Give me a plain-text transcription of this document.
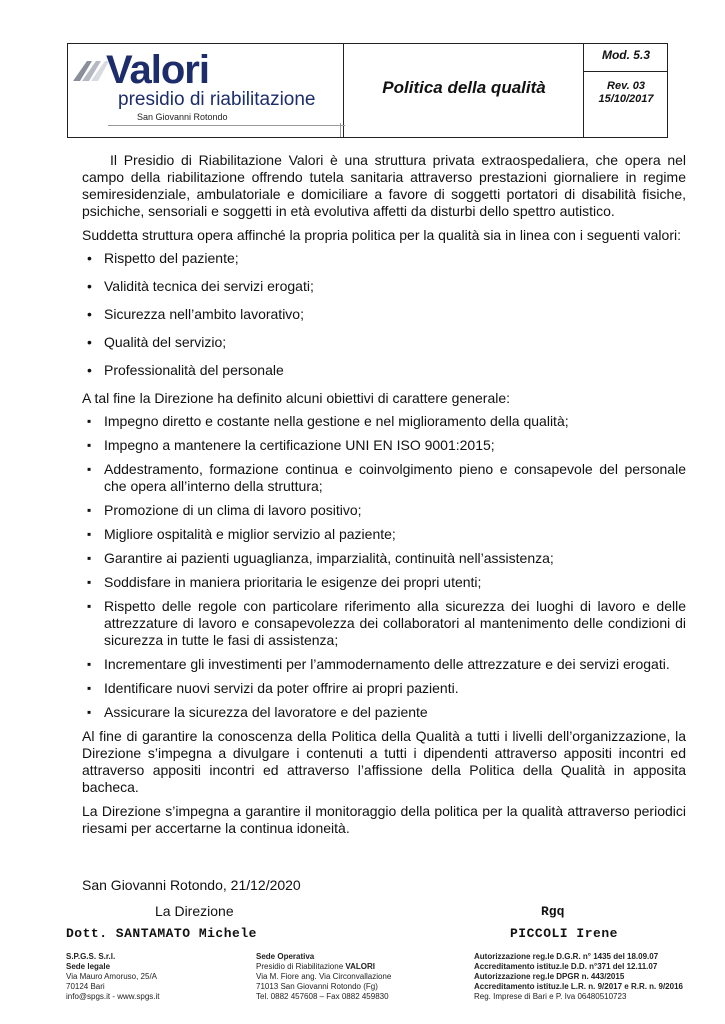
Valori
presidio di riabilitazione
San Giovanni Rotondo
Politica della qualità
Mod. 5.3
Rev. 03
15/10/2017

Il Presidio di Riabilitazione Valori è una struttura privata extraospedaliera, che opera nel campo della riabilitazione offrendo tutela sanitaria attraverso prestazioni giornaliere in regime semiresidenziale, ambulatoriale e domiciliare a favore di soggetti portatori di disabilità fisiche, psichiche, sensoriali e soggetti in età evolutiva affetti da disturbi dello spettro autistico.

Suddetta struttura opera affinché la propria politica per la qualità sia in linea con i seguenti valori:

• Rispetto del paziente;
• Validità tecnica dei servizi erogati;
• Sicurezza nell’ambito lavorativo;
• Qualità del servizio;
• Professionalità del personale

A tal fine la Direzione ha definito alcuni obiettivi di carattere generale:

▪ Impegno diretto e costante nella gestione e nel miglioramento della qualità;
▪ Impegno a mantenere la certificazione UNI EN ISO 9001:2015;
▪ Addestramento, formazione continua e coinvolgimento pieno e consapevole del personale che opera all’interno della struttura;
▪ Promozione di un clima di lavoro positivo;
▪ Migliore ospitalità e miglior servizio al paziente;
▪ Garantire ai pazienti uguaglianza, imparzialità, continuità nell’assistenza;
▪ Soddisfare in maniera prioritaria le esigenze dei propri utenti;
▪ Rispetto delle regole con particolare riferimento alla sicurezza dei luoghi di lavoro e delle attrezzature di lavoro e consapevolezza dei collaboratori al mantenimento delle condizioni di sicurezza in tutte le fasi di assistenza;
▪ Incrementare gli investimenti per l’ammodernamento delle attrezzature e dei servizi erogati.
▪ Identificare nuovi servizi da poter offrire ai propri pazienti.
▪ Assicurare la sicurezza del lavoratore e del paziente

Al fine di garantire la conoscenza della Politica della Qualità a tutti i livelli dell’organizzazione, la Direzione s’impegna a divulgare i contenuti a tutti i dipendenti attraverso appositi incontri ed attraverso appositi incontri ed attraverso l’affissione della Politica della Qualità in apposita bacheca.

La Direzione s’impegna a garantire il monitoraggio della politica per la qualità attraverso periodici riesami per accertarne la continua idoneità.

San Giovanni Rotondo, 21/12/2020
La Direzione	Rgq
Dott. SANTAMATO Michele	PICCOLI Irene
S.P.G.S. S.r.l.
Sede legale
Via Mauro Amoruso, 25/A
70124 Bari
info@spgs.it - www.spgs.it
Sede Operativa
Presidio di Riabilitazione VALORI
Via M. Fiore ang. Via Circonvallazione
71013 San Giovanni Rotondo (Fg)
Tel. 0882 457608 – Fax 0882 459830
Autorizzazione reg.le D.G.R. n° 1435 del 18.09.07
Accreditamento istituz.le D.D. n°371 del 12.11.07
Autorizzazione reg.le DPGR n. 443/2015
Accreditamento istituz.le L.R. n. 9/2017 e R.R. n. 9/2016
Reg. Imprese di Bari e P. Iva 06480510723
